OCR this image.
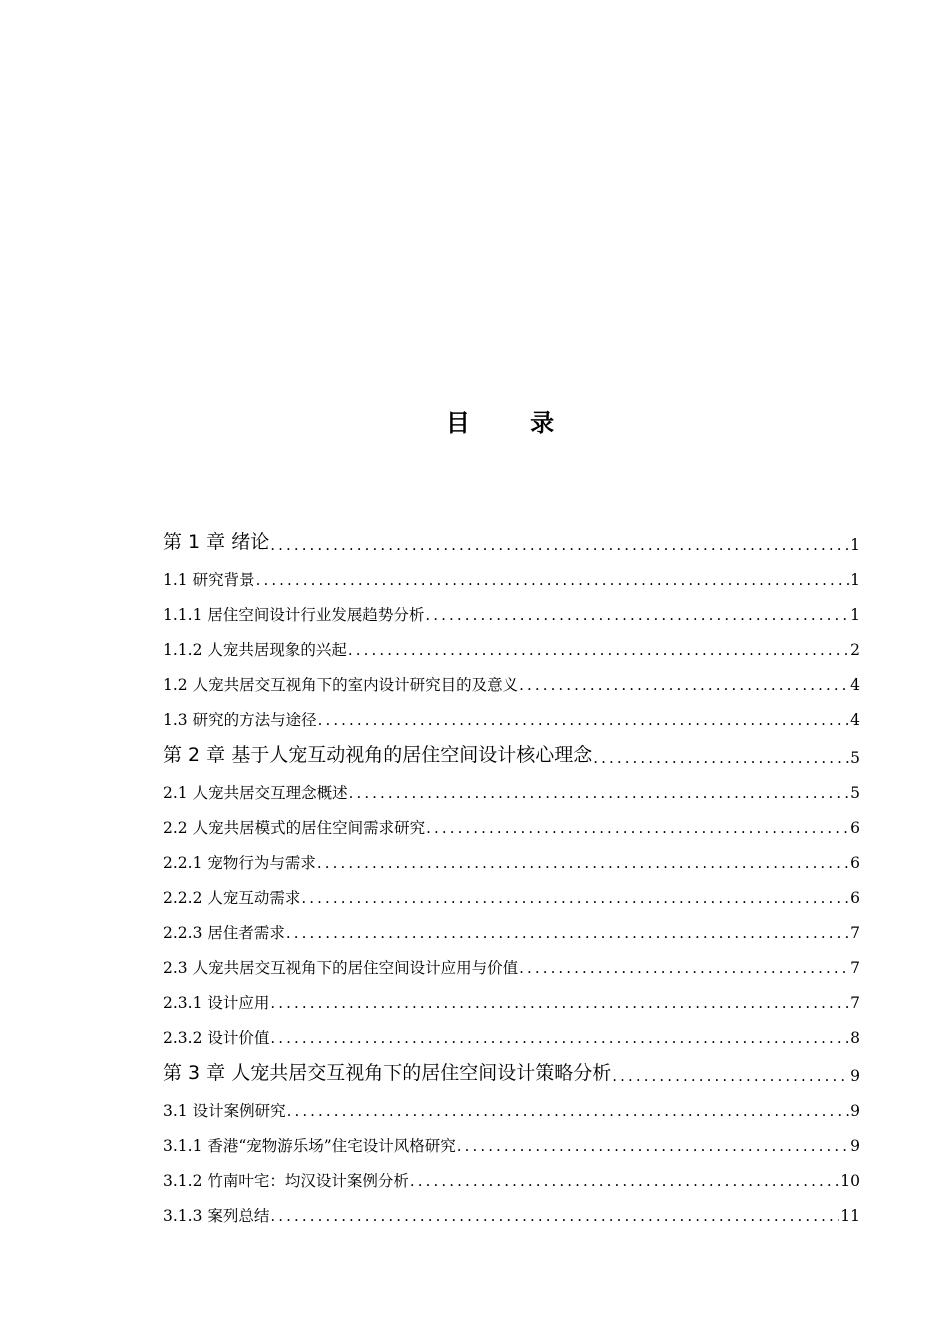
目 录
第 1 章 绪论 .....	1
1.1 研究背景 .....	1
1.1.1 居住空间设计行业发展趋势分析 .....	1
1.1.2 人宠共居现象的兴起 .....	2
1.2 人宠共居交互视角下的室内设计研究目的及意义 .....	4
1.3 研究的方法与途径 .....	4
第 2 章 基于人宠互动视角的居住空间设计核心理念 .....	5
2.1 人宠共居交互理念概述 .....	5
2.2 人宠共居模式的居住空间需求研究 .....	6
2.2.1 宠物行为与需求 .....	6
2.2.2 人宠互动需求 .....	6
2.2.3 居住者需求 .....	7
2.3 人宠共居交互视角下的居住空间设计应用与价值 .....	7
2.3.1 设计应用 .....	7
2.3.2 设计价值 .....	8
第 3 章 人宠共居交互视角下的居住空间设计策略分析 .....	9
3.1 设计案例研究 .....	9
3.1.1 香港“宠物游乐场”住宅设计风格研究 .....	9
3.1.2 竹南叶宅：均汉设计案例分析 .....	10
3.1.3 案列总结 .....	11
